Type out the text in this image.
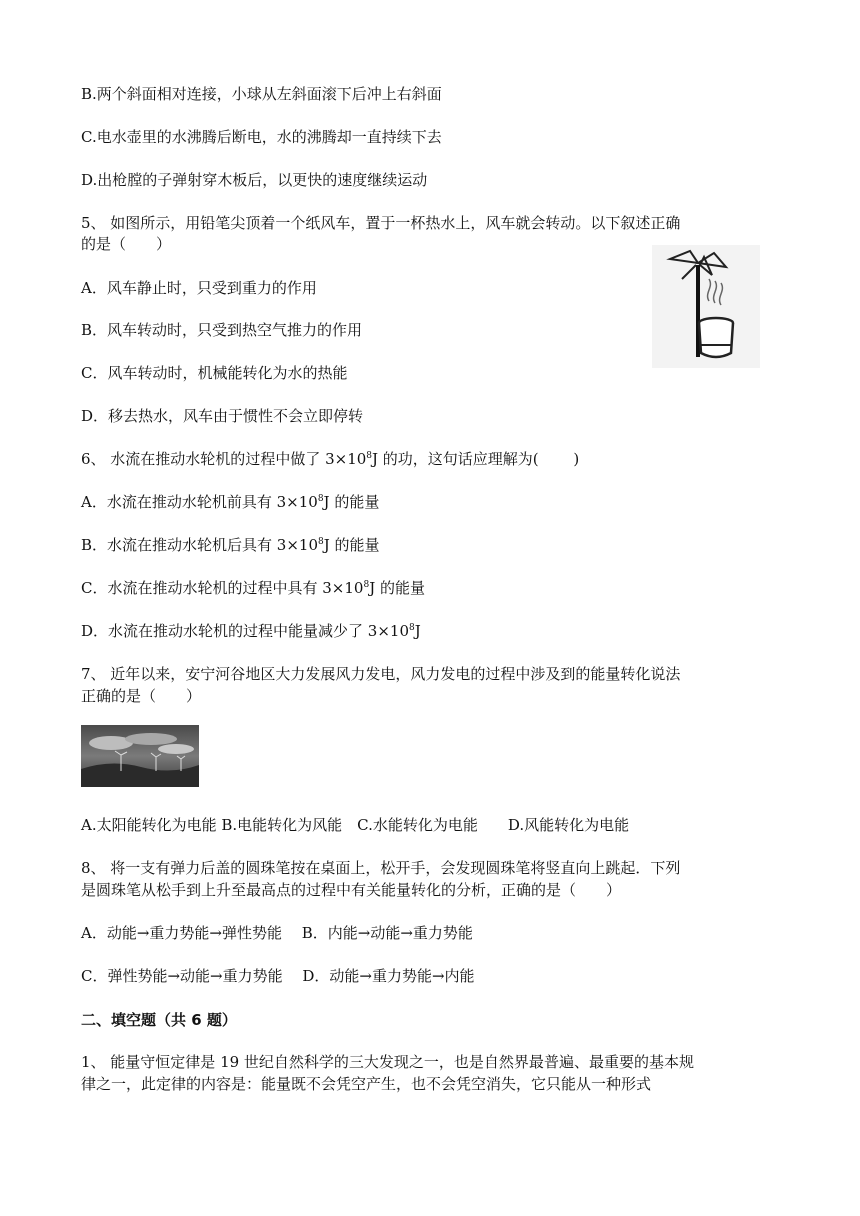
B.两个斜面相对连接，小球从左斜面滚下后冲上右斜面
C.电水壶里的水沸腾后断电，水的沸腾却一直持续下去
D.出枪膛的子弹射穿木板后，以更快的速度继续运动
5、 如图所示，用铅笔尖顶着一个纸风车，置于一杯热水上，风车就会转动。以下叙述正确
的是（　　）
A．风车静止时，只受到重力的作用
B．风车转动时，只受到热空气推力的作用
C．风车转动时，机械能转化为水的热能
D．移去热水，风车由于惯性不会立即停转
6、 水流在推动水轮机的过程中做了 $3\times 10^8J$ 的功，这句话应理解为(　　 )
A．水流在推动水轮机前具有 $3\times 10^8J$ 的能量
B．水流在推动水轮机后具有 $3\times 10^8J$ 的能量
C．水流在推动水轮机的过程中具有 $3\times 10^8J$ 的能量
D．水流在推动水轮机的过程中能量减少了 $3\times 10^8J$
7、 近年以来，安宁河谷地区大力发展风力发电，风力发电的过程中涉及到的能量转化说法
正确的是（　　）
A.太阳能转化为电能 B.电能转化为风能　C.水能转化为电能　　D.风能转化为电能
8、 将一支有弹力后盖的圆珠笔按在桌面上，松开手，会发现圆珠笔将竖直向上跳起．下列
是圆珠笔从松手到上升至最高点的过程中有关能量转化的分析，正确的是（　　）
A．动能→重力势能→弹性势能　 B．内能→动能→重力势能
C．弹性势能→动能→重力势能　 D．动能→重力势能→内能
二、填空题（共 6 题）
1、 能量守恒定律是 19 世纪自然科学的三大发现之一，也是自然界最普遍、最重要的基本规
律之一，此定律的内容是：能量既不会凭空产生，也不会凭空消失，它只能从一种形式
